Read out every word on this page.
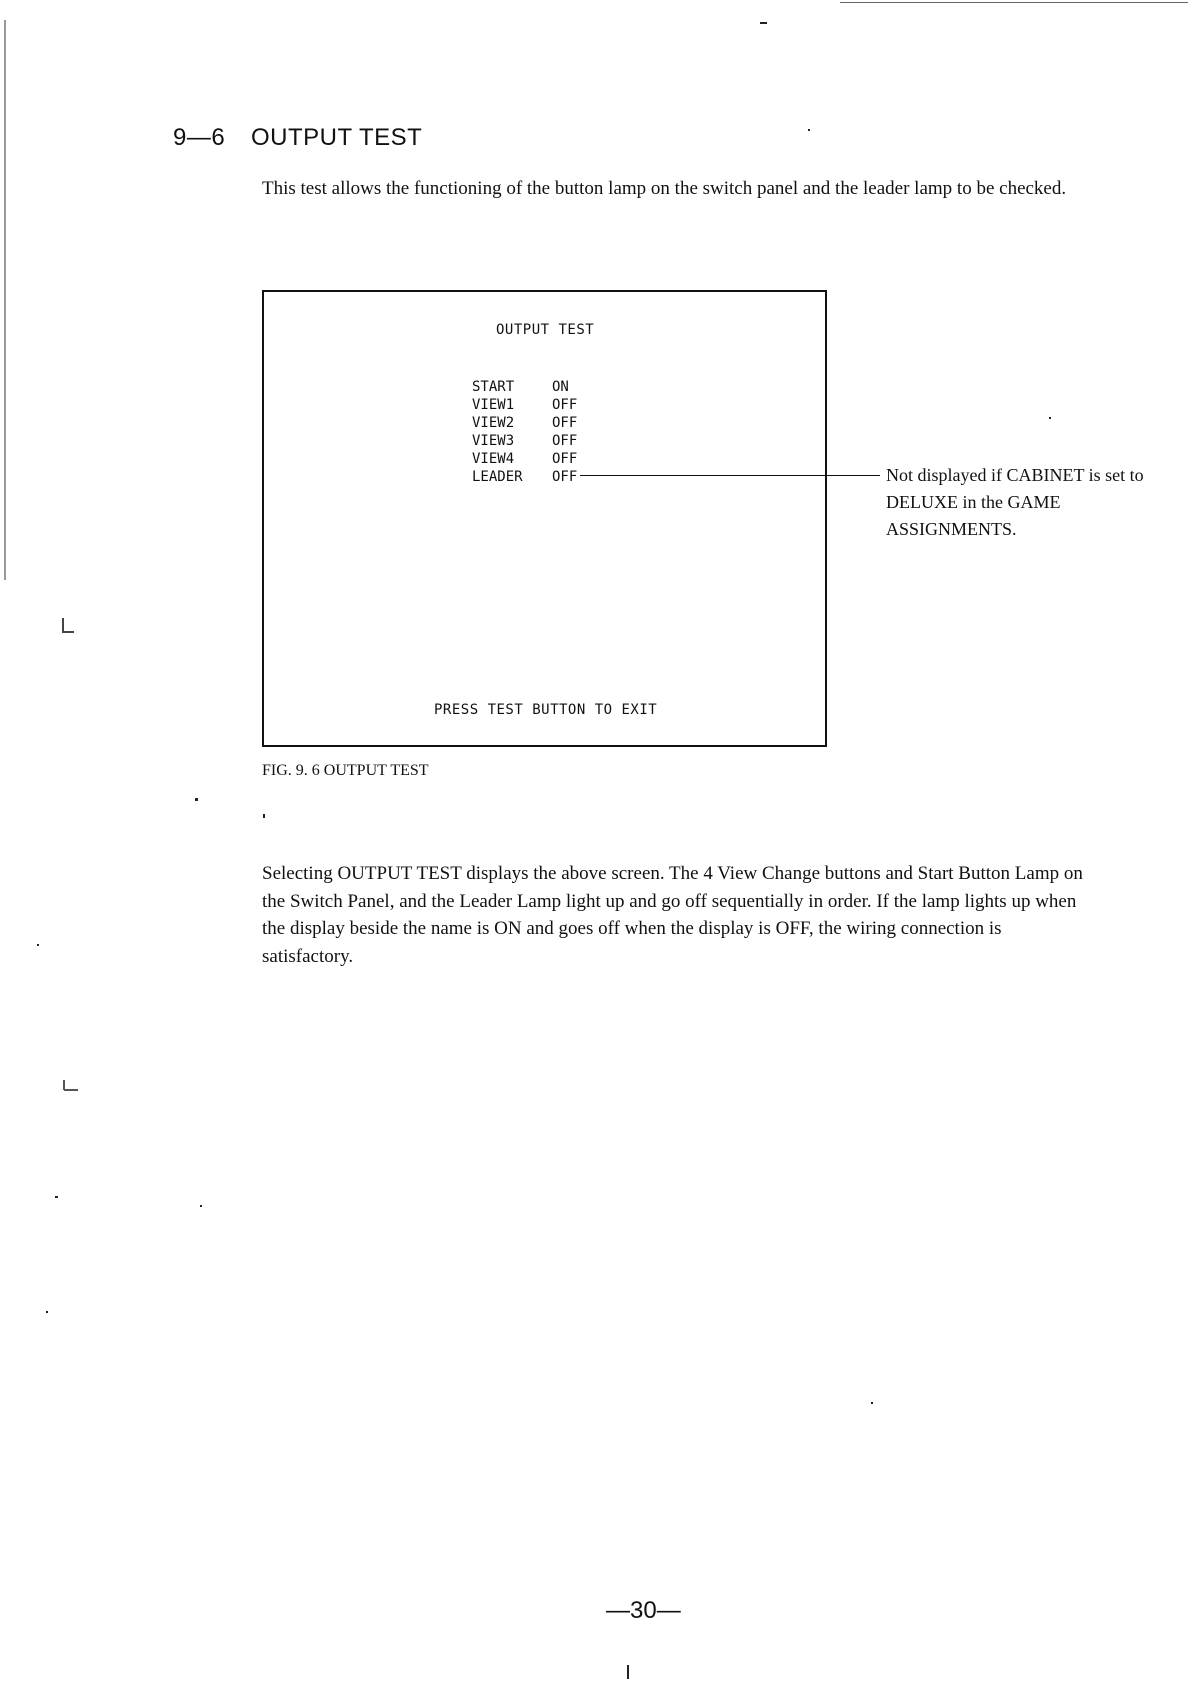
9—6 OUTPUT TEST
This test allows the functioning of the button lamp on the switch panel and the leader lamp to be checked.
OUTPUT TEST
START	ON
VIEW1	OFF
VIEW2	OFF
VIEW3	OFF
VIEW4	OFF
LEADER	OFF
PRESS TEST BUTTON TO EXIT
Not displayed if CABINET is set to DELUXE in the GAME ASSIGNMENTS.
FIG. 9. 6 OUTPUT TEST
Selecting OUTPUT TEST displays the above screen. The 4 View Change buttons and Start Button Lamp on the Switch Panel, and the Leader Lamp light up and go off sequentially in order. If the lamp lights up when the display beside the name is ON and goes off when the display is OFF, the wiring connection is satisfactory.
—30—
